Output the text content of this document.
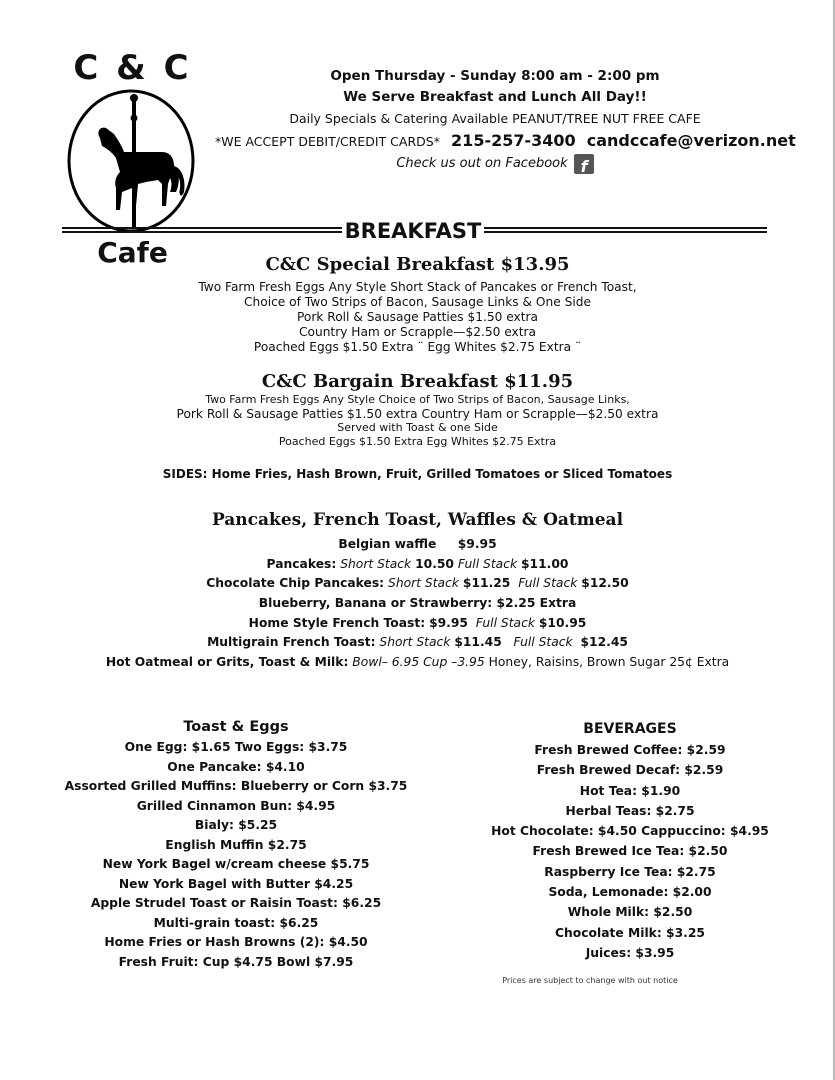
C & C
Cafe
Open Thursday - Sunday 8:00 am - 2:00 pm
We Serve Breakfast and Lunch All Day!!
Daily Specials & Catering Available PEANUT/TREE NUT FREE CAFE
*WE ACCEPT DEBIT/CREDIT CARDS* 215-257-3400 candccafe@verizon.net
Check us out on Facebook f
BREAKFAST
C&C Special Breakfast $13.95
Two Farm Fresh Eggs Any Style Short Stack of Pancakes or French Toast,
Choice of Two Strips of Bacon, Sausage Links & One Side
Pork Roll & Sausage Patties $1.50 extra
Country Ham or Scrapple—$2.50 extra
Poached Eggs $1.50 Extra ¨ Egg Whites $2.75 Extra ¨
C&C Bargain Breakfast $11.95
Two Farm Fresh Eggs Any Style Choice of Two Strips of Bacon, Sausage Links,
Pork Roll & Sausage Patties $1.50 extra Country Ham or Scrapple—$2.50 extra
Served with Toast & one Side
Poached Eggs $1.50 Extra Egg Whites $2.75 Extra
SIDES: Home Fries, Hash Brown, Fruit, Grilled Tomatoes or Sliced Tomatoes
Pancakes, French Toast, Waffles & Oatmeal
Belgian waffle $9.95
Pancakes: Short Stack 10.50 Full Stack $11.00
Chocolate Chip Pancakes: Short Stack $11.25 Full Stack $12.50
Blueberry, Banana or Strawberry: $2.25 Extra
Home Style French Toast: $9.95 Full Stack $10.95
Multigrain French Toast: Short Stack $11.45 Full Stack $12.45
Hot Oatmeal or Grits, Toast & Milk: Bowl– 6.95 Cup –3.95 Honey, Raisins, Brown Sugar 25¢ Extra
Toast & Eggs
One Egg: $1.65 Two Eggs: $3.75
One Pancake: $4.10
Assorted Grilled Muffins: Blueberry or Corn $3.75
Grilled Cinnamon Bun: $4.95
Bialy: $5.25
English Muffin $2.75
New York Bagel w/cream cheese $5.75
New York Bagel with Butter $4.25
Apple Strudel Toast or Raisin Toast: $6.25
Multi-grain toast: $6.25
Home Fries or Hash Browns (2): $4.50
Fresh Fruit: Cup $4.75 Bowl $7.95
BEVERAGES
Fresh Brewed Coffee: $2.59
Fresh Brewed Decaf: $2.59
Hot Tea: $1.90
Herbal Teas: $2.75
Hot Chocolate: $4.50 Cappuccino: $4.95
Fresh Brewed Ice Tea: $2.50
Raspberry Ice Tea: $2.75
Soda, Lemonade: $2.00
Whole Milk: $2.50
Chocolate Milk: $3.25
Juices: $3.95
Prices are subject to change with out notice
